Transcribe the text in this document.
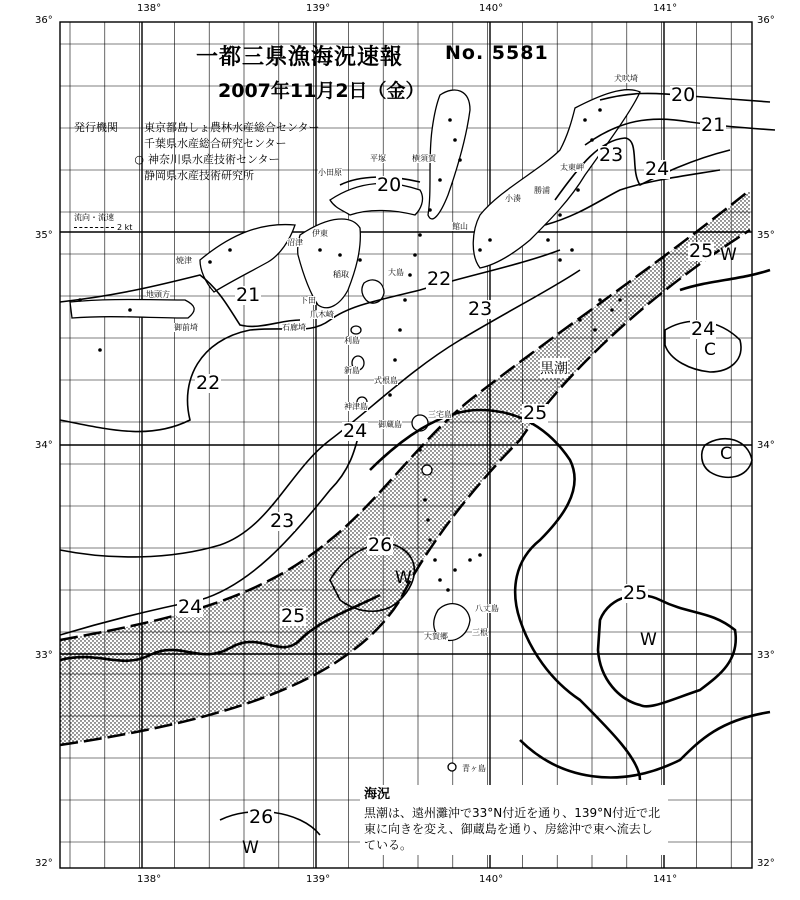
138°	139°	140°	141°
138°	139°	140°	141°
36°
35°
34°
33°
32°
36°
35°
34°
33°
32°
一都三県漁海況速報 No. 5581
2007年11月2日（金）
発行機関	東京都島しょ農林水産総合センター
千葉県水産総合研究センター
○ 神奈川県水産技術センター
静岡県水産技術研究所
流向・流速
2 kt
20
20
21
21
22
22
23
23
23
24
24
24
24
25
25
25
25
26
26
W
W
C
C
W
W
犬吠埼
太東岬
勝浦
小湊
館山
平塚	横須賀
小田原
沼津
伊東
稲取
下田
爪木崎
焼津
地頭方
御前埼	石廊埼
大島
利島
新島
式根島
神津島
三宅島
御蔵島
八丈島
大賀郷	三根
青ヶ島
黒潮
海況
黒潮は、遠州灘沖で33°N付近を通り、139°N付近で北東に向きを変え、御蔵島を通り、房総沖で東へ流去している。
